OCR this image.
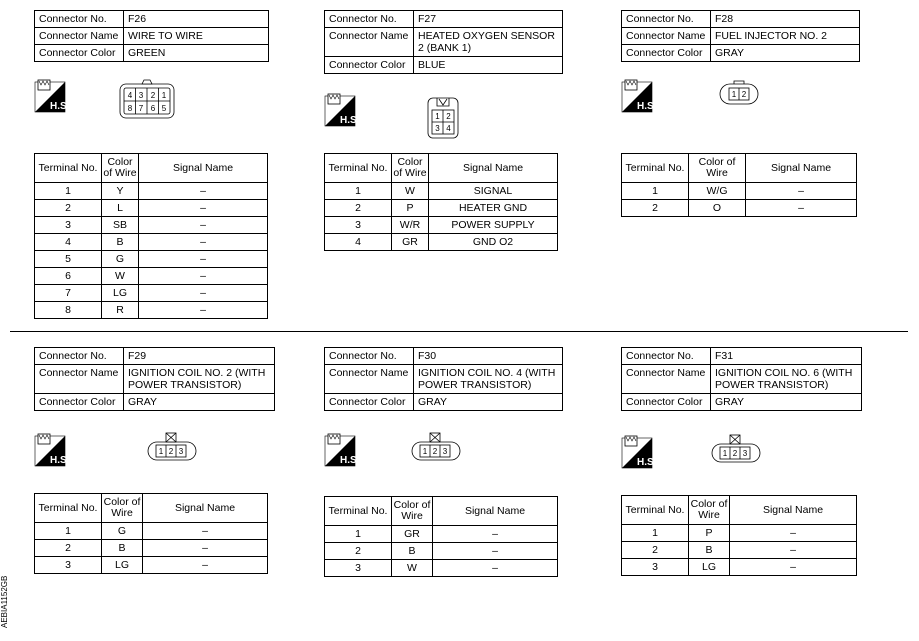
Connector No.	F26
Connector Name	WIRE TO WIRE
Connector Color	GREEN
H.S.
4 3 2 1
8 7 6 5
Terminal No.	Color of Wire	Signal Name
1	Y	–
2	L	–
3	SB	–
4	B	–
5	G	–
6	W	–
7	LG	–
8	R	–
Connector No.	F27
Connector Name	HEATED OXYGEN SENSOR 2 (BANK 1)
Connector Color	BLUE
H.S.	1 2
3 4
Terminal No.	Color of Wire	Signal Name
1	W	SIGNAL
2	P	HEATER GND
3	W/R	POWER SUPPLY
4	GR	GND O2
Connector No.	F28
Connector Name	FUEL INJECTOR NO. 2
Connector Color	GRAY
H.S.
1 2
Terminal No.	Color of Wire	Signal Name
1	W/G	–
2	O	–
Connector No.	F29
Connector Name	IGNITION COIL NO. 2 (WITH POWER TRANSISTOR)
Connector Color	GRAY
H.S.
1 2 3
Terminal No.	Color of Wire	Signal Name
1	G	–
2	B	–
3	LG	–
Connector No.	F30
Connector Name	IGNITION COIL NO. 4 (WITH POWER TRANSISTOR)
Connector Color	GRAY
H.S.
1 2 3
Terminal No.	Color of Wire	Signal Name
1	GR	–
2	B	–
3	W	–
Connector No.	F31
Connector Name	IGNITION COIL NO. 6 (WITH POWER TRANSISTOR)
Connector Color	GRAY
H.S.
1 2 3
Terminal No.	Color of Wire	Signal Name
1	P	–
2	B	–
3	LG	–
AEBIA1152GB
